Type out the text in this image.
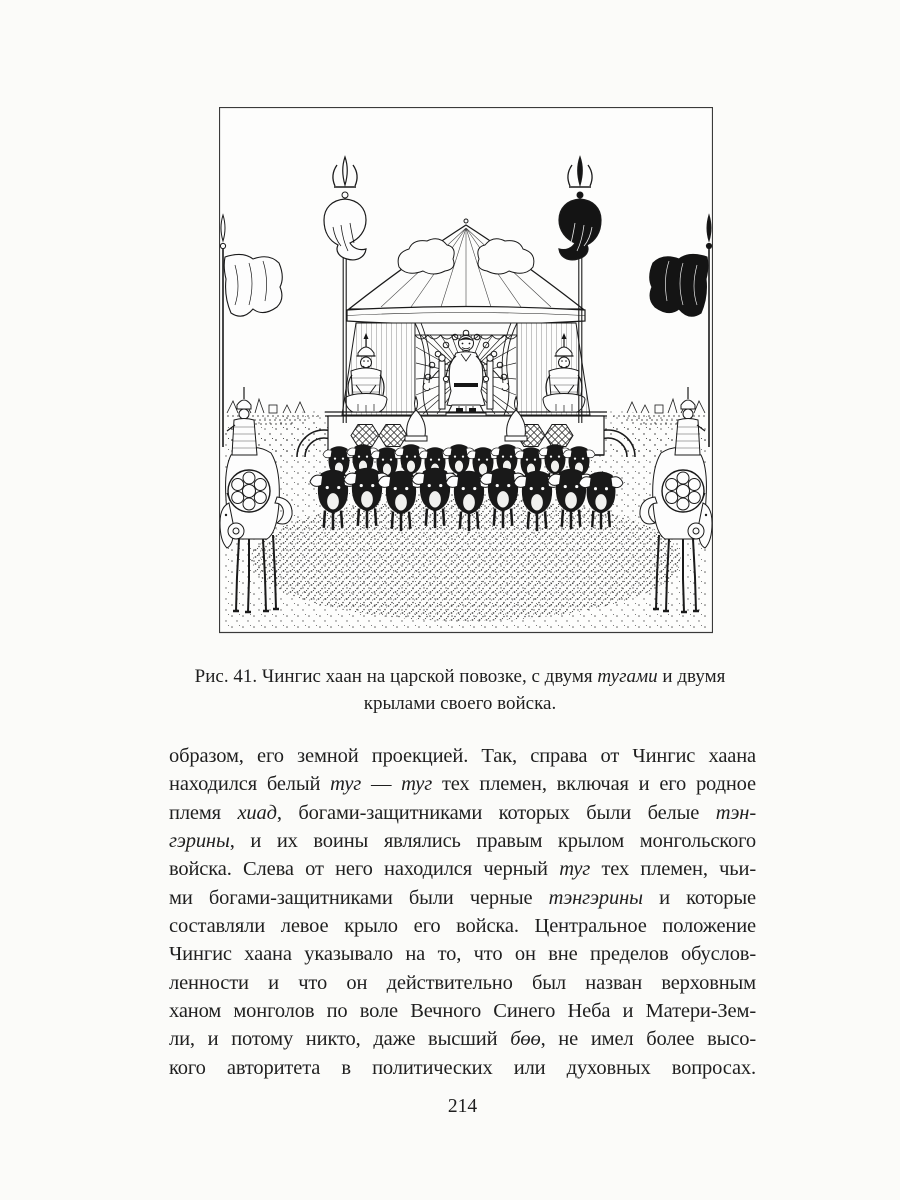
Рис. 41. Чингис хаан на царской повозке, с двумя тугами и двумя
крылами своего войска.
образом, его земной проекцией. Так, справа от Чингис хаана
находился белый туг — туг тех племен, включая и его родное
племя хиад, богами-защитниками которых были белые тэн-
гэрины, и их воины являлись правым крылом монгольского
войска. Слева от него находился черный туг тех племен, чьи-
ми богами-защитниками были черные тэнгэрины и которые
составляли левое крыло его войска. Центральное положение
Чингис хаана указывало на то, что он вне пределов обуслов-
ленности и что он действительно был назван верховным
ханом монголов по воле Вечного Синего Неба и Матери-Зем-
ли, и потому никто, даже высший бөө, не имел более высо-
кого авторитета в политических или духовных вопросах.
214
